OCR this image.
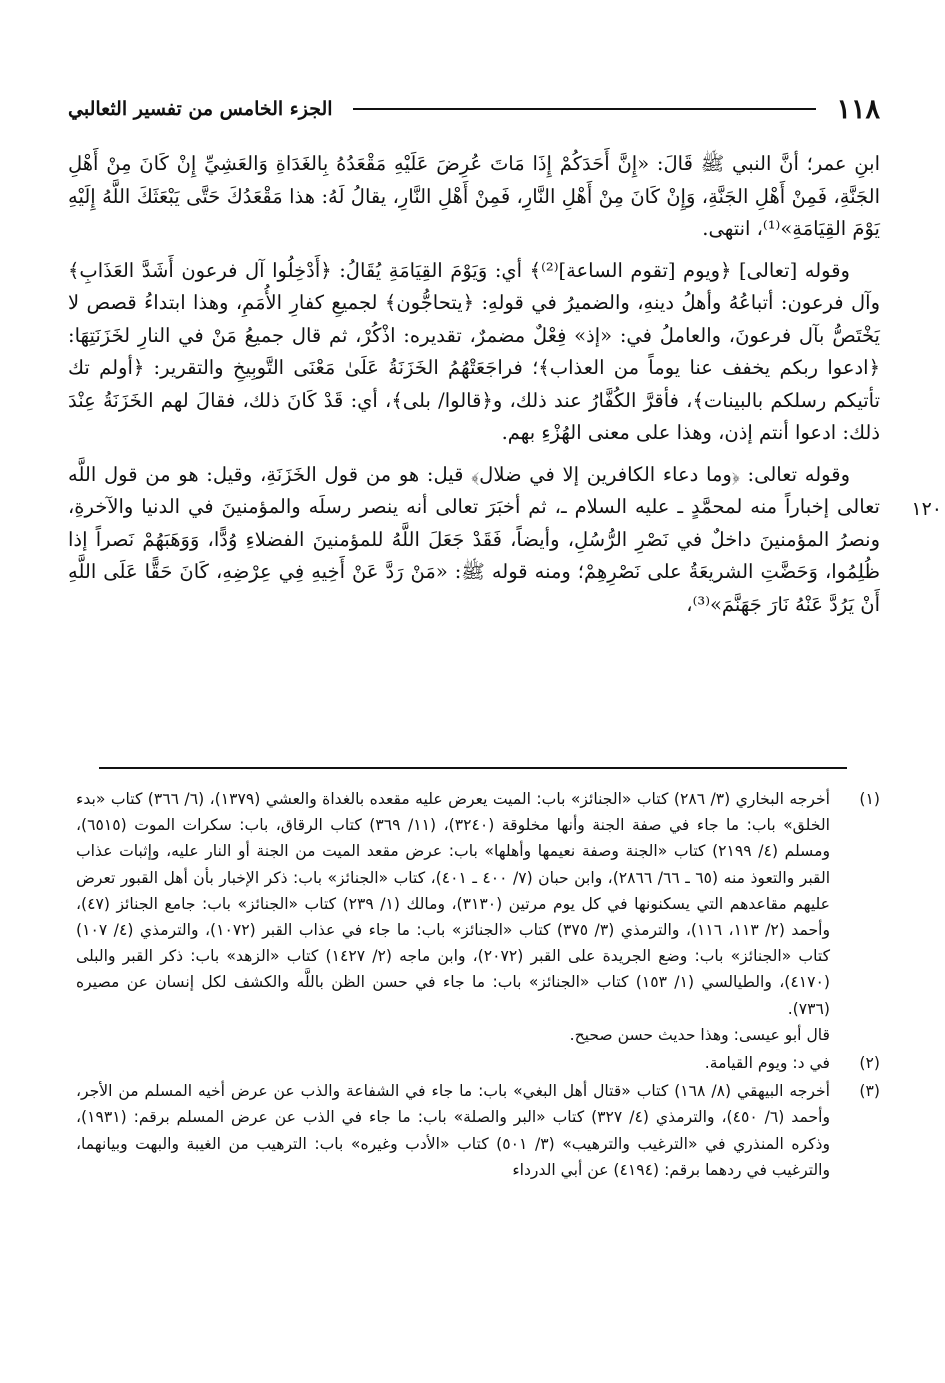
١١٨
الجزء الخامس من تفسير الثعالبي

ابنِ عمر؛ أنَّ النبي ﷺ قَالَ: «إِنَّ أَحَدَكُمْ إِذَا مَاتَ عُرِضَ عَلَيْهِ مَقْعَدُهُ بِالغَدَاةِ وَالعَشِيِّ إِنْ كَانَ مِنْ أَهْلِ الجَنَّةِ، فَمِنْ أَهْلِ الجَنَّةِ، وَإِنْ كَانَ مِنْ أَهْلِ النَّارِ، فَمِنْ أَهْلِ النَّارِ، يقالُ لَهُ: هذا مَقْعَدُكَ حَتَّى يَبْعَثَكَ اللَّهُ إِلَيْهِ يَوْمَ القِيَامَةِ»⁽¹⁾، انتهى.

وقوله [تعالى] ﴿ويوم [تقوم الساعة]⁽²⁾﴾ أي: وَيَوْمَ القِيَامَةِ يُقَالُ: ﴿أَدْخِلُوا آل فرعون أَشَدَّ العَذَابِ﴾ وآل فرعون: أتباعُهُ وأهلُ دينهِ، والضميرُ في قولهِ: ﴿يتحاجُّون﴾ لجميعِ كفارِ الأُمَمِ، وهذا ابتداءُ قصص لا يَخْتَصُّ بآل فرعونَ، والعاملُ في: «إذ» فِعْلٌ مضمرٌ، تقديره: اذْكُرْ، ثم قال جميعُ مَنْ في النارِ لخَزَنَتِهَا: ﴿ادعوا ربكم يخفف عنا يوماً من العذاب﴾؛ فراجَعَتْهُمُ الخَزَنَةُ عَلَىٰ مَعْنَى التَّوبِيخِ والتقرير: ﴿أولم تك تأتيكم رسلكم بالبينات﴾، فأقرَّ الكُفَّارُ عند ذلك، و﴿قالوا/ بلى﴾، أي: قَدْ كَانَ ذلك، فقالَ لهم الخَزَنَةُ عِنْدَ ذلك: ادعوا أنتم إذن، وهذا على معنى الهُزْءِ بهم.

وقوله تعالى: ﴿وما دعاء الكافرين إلا في ضلال﴾ قيل: هو من قول الخَزَنَةِ، وقيل: هو من قول اللَّه تعالى إخباراً منه لمحمَّدٍ ـ عليه السلام ـ، ثم أخبَرَ تعالى أنه ينصر رسلَه والمؤمنينَ في الدنيا والآخرةِ، ونصرُ المؤمنينَ داخلٌ في نَصْرِ الرُّسُلِ، وأيضاً، فَقَدْ جَعَلَ اللَّهُ للمؤمنينَ الفضلاءِ وُدًّا، وَوَهَبَهُمْ نَصراً إذا ظُلِمُوا، وَحَضَّتِ الشريعَةُ على نَصْرِهِمْ؛ ومنه قوله ﷺ: «مَنْ رَدَّ عَنْ أَخِيهِ فِي عِرْضِهِ، كَانَ حَقًّا عَلَى اللَّهِ أَنْ يَرُدَّ عَنْهُ نَارَ جَهَنَّمَ»⁽³⁾،

١٢٠
(١)
أخرجه البخاري (٣/ ٢٨٦) كتاب «الجنائز» باب: الميت يعرض عليه مقعده بالغداة والعشي (١٣٧٩)، (٦/ ٣٦٦) كتاب «بدء الخلق» باب: ما جاء في صفة الجنة وأنها مخلوقة (٣٢٤٠)، (١١/ ٣٦٩) كتاب الرقاق، باب: سكرات الموت (٦٥١٥)، ومسلم (٤/ ٢١٩٩) كتاب «الجنة وصفة نعيمها وأهلها» باب: عرض مقعد الميت من الجنة أو النار عليه، وإثبات عذاب القبر والتعوذ منه (٦٥ ـ ٦٦/ ٢٨٦٦)، وابن حبان (٧/ ٤٠٠ ـ ٤٠١)، كتاب «الجنائز» باب: ذكر الإخبار بأن أهل القبور تعرض عليهم مقاعدهم التي يسكنونها في كل يوم مرتين (٣١٣٠)، ومالك (١/ ٢٣٩) كتاب «الجنائز» باب: جامع الجنائز (٤٧)، وأحمد (٢/ ١١٣، ١١٦)، والترمذي (٣/ ٣٧٥) كتاب «الجنائز» باب: ما جاء في عذاب القبر (١٠٧٢)، والترمذي (٤/ ١٠٧) كتاب «الجنائز» باب: وضع الجريدة على القبر (٢٠٧٢)، وابن ماجه (٢/ ١٤٢٧) كتاب «الزهد» باب: ذكر القبر والبلى (٤١٧٠)، والطيالسي (١/ ١٥٣) كتاب «الجنائز» باب: ما جاء في حسن الظن باللَّه والكشف لكل إنسان عن مصيره (٧٣٦).
قال أبو عيسى: وهذا حديث حسن صحيح.
(٢)
في د: ويوم القيامة.
(٣)
أخرجه البيهقي (٨/ ١٦٨) كتاب «قتال أهل البغي» باب: ما جاء في الشفاعة والذب عن عرض أخيه المسلم من الأجر، وأحمد (٦/ ٤٥٠)، والترمذي (٤/ ٣٢٧) كتاب «البر والصلة» باب: ما جاء في الذب عن عرض المسلم برقم: (١٩٣١)، وذكره المنذري في «الترغيب والترهيب» (٣/ ٥٠١) كتاب «الأدب وغيره» باب: الترهيب من الغيبة والبهت وبيانهما، والترغيب في ردهما برقم: (٤١٩٤) عن أبي الدرداء
